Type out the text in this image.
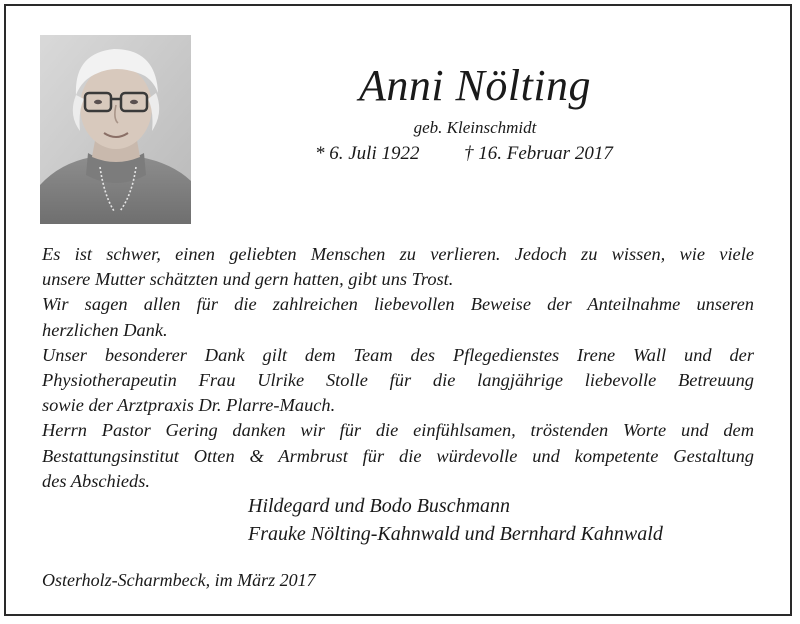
Anni Nölting
geb. Kleinschmidt
* 6. Juli 1922 † 16. Februar 2017
Es ist schwer, einen geliebten Menschen zu verlieren. Jedoch zu wissen, wie viele
unsere Mutter schätzten und gern hatten, gibt uns Trost.
Wir sagen allen für die zahlreichen liebevollen Beweise der Anteilnahme unseren
herzlichen Dank.
Unser besonderer Dank gilt dem Team des Pflegedienstes Irene Wall und der
Physiotherapeutin Frau Ulrike Stolle für die langjährige liebevolle Betreuung
sowie der Arztpraxis Dr. Plarre-Mauch.
Herrn Pastor Gering danken wir für die einfühlsamen, tröstenden Worte und dem
Bestattungsinstitut Otten & Armbrust für die würdevolle und kompetente Gestaltung
des Abschieds.
Hildegard und Bodo Buschmann
Frauke Nölting-Kahnwald und Bernhard Kahnwald
Osterholz-Scharmbeck, im März 2017
